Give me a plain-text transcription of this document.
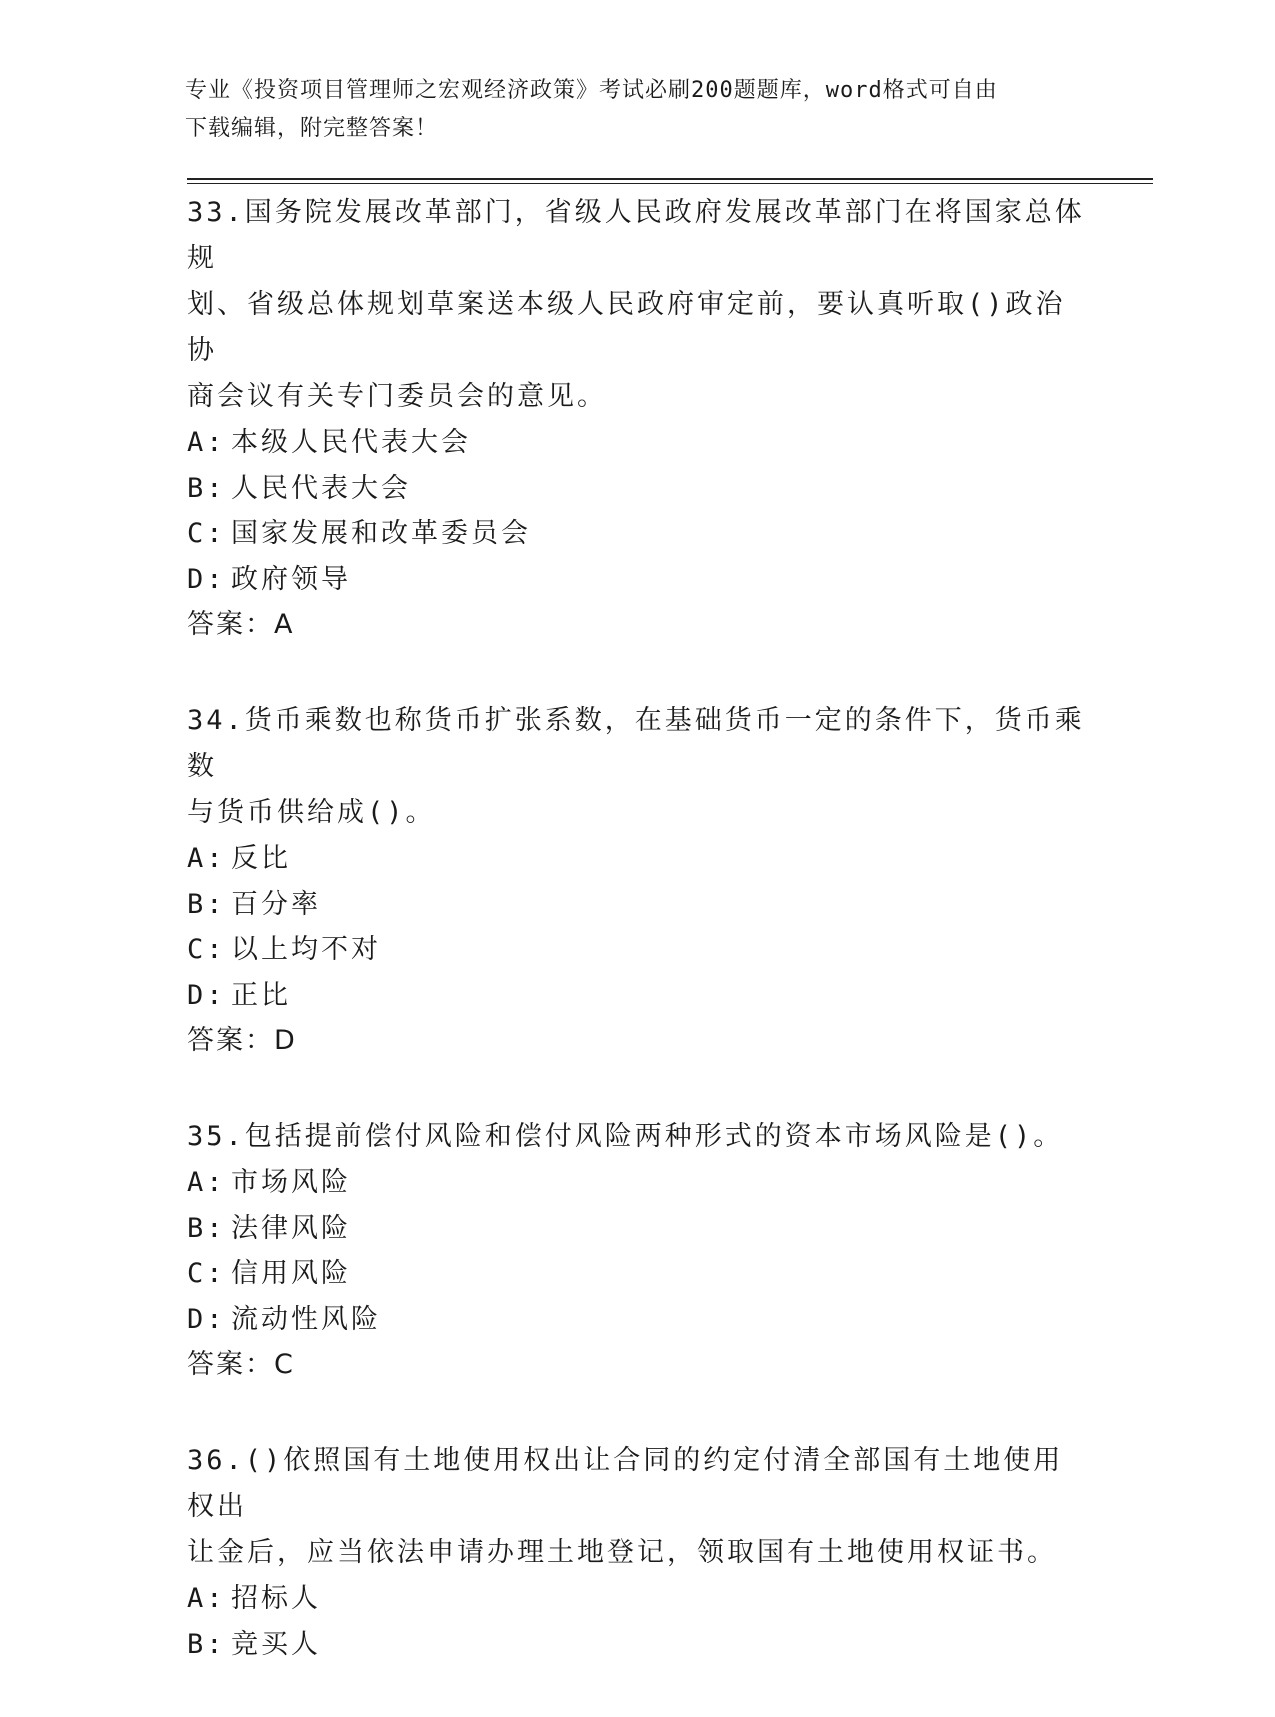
专业《投资项目管理师之宏观经济政策》考试必刷200题题库，word格式可自由
下载编辑，附完整答案！
33.国务院发展改革部门，省级人民政府发展改革部门在将国家总体规
划、省级总体规划草案送本级人民政府审定前，要认真听取()政治协
商会议有关专门委员会的意见。
A: 本级人民代表大会
B: 人民代表大会
C: 国家发展和改革委员会
D: 政府领导
答案：A
34.货币乘数也称货币扩张系数，在基础货币一定的条件下，货币乘数
与货币供给成()。
A: 反比
B: 百分率
C: 以上均不对
D: 正比
答案：D
35.包括提前偿付风险和偿付风险两种形式的资本市场风险是()。
A: 市场风险
B: 法律风险
C: 信用风险
D: 流动性风险
答案：C
36.()依照国有土地使用权出让合同的约定付清全部国有土地使用权出
让金后，应当依法申请办理土地登记，领取国有土地使用权证书。
A: 招标人
B: 竞买人
